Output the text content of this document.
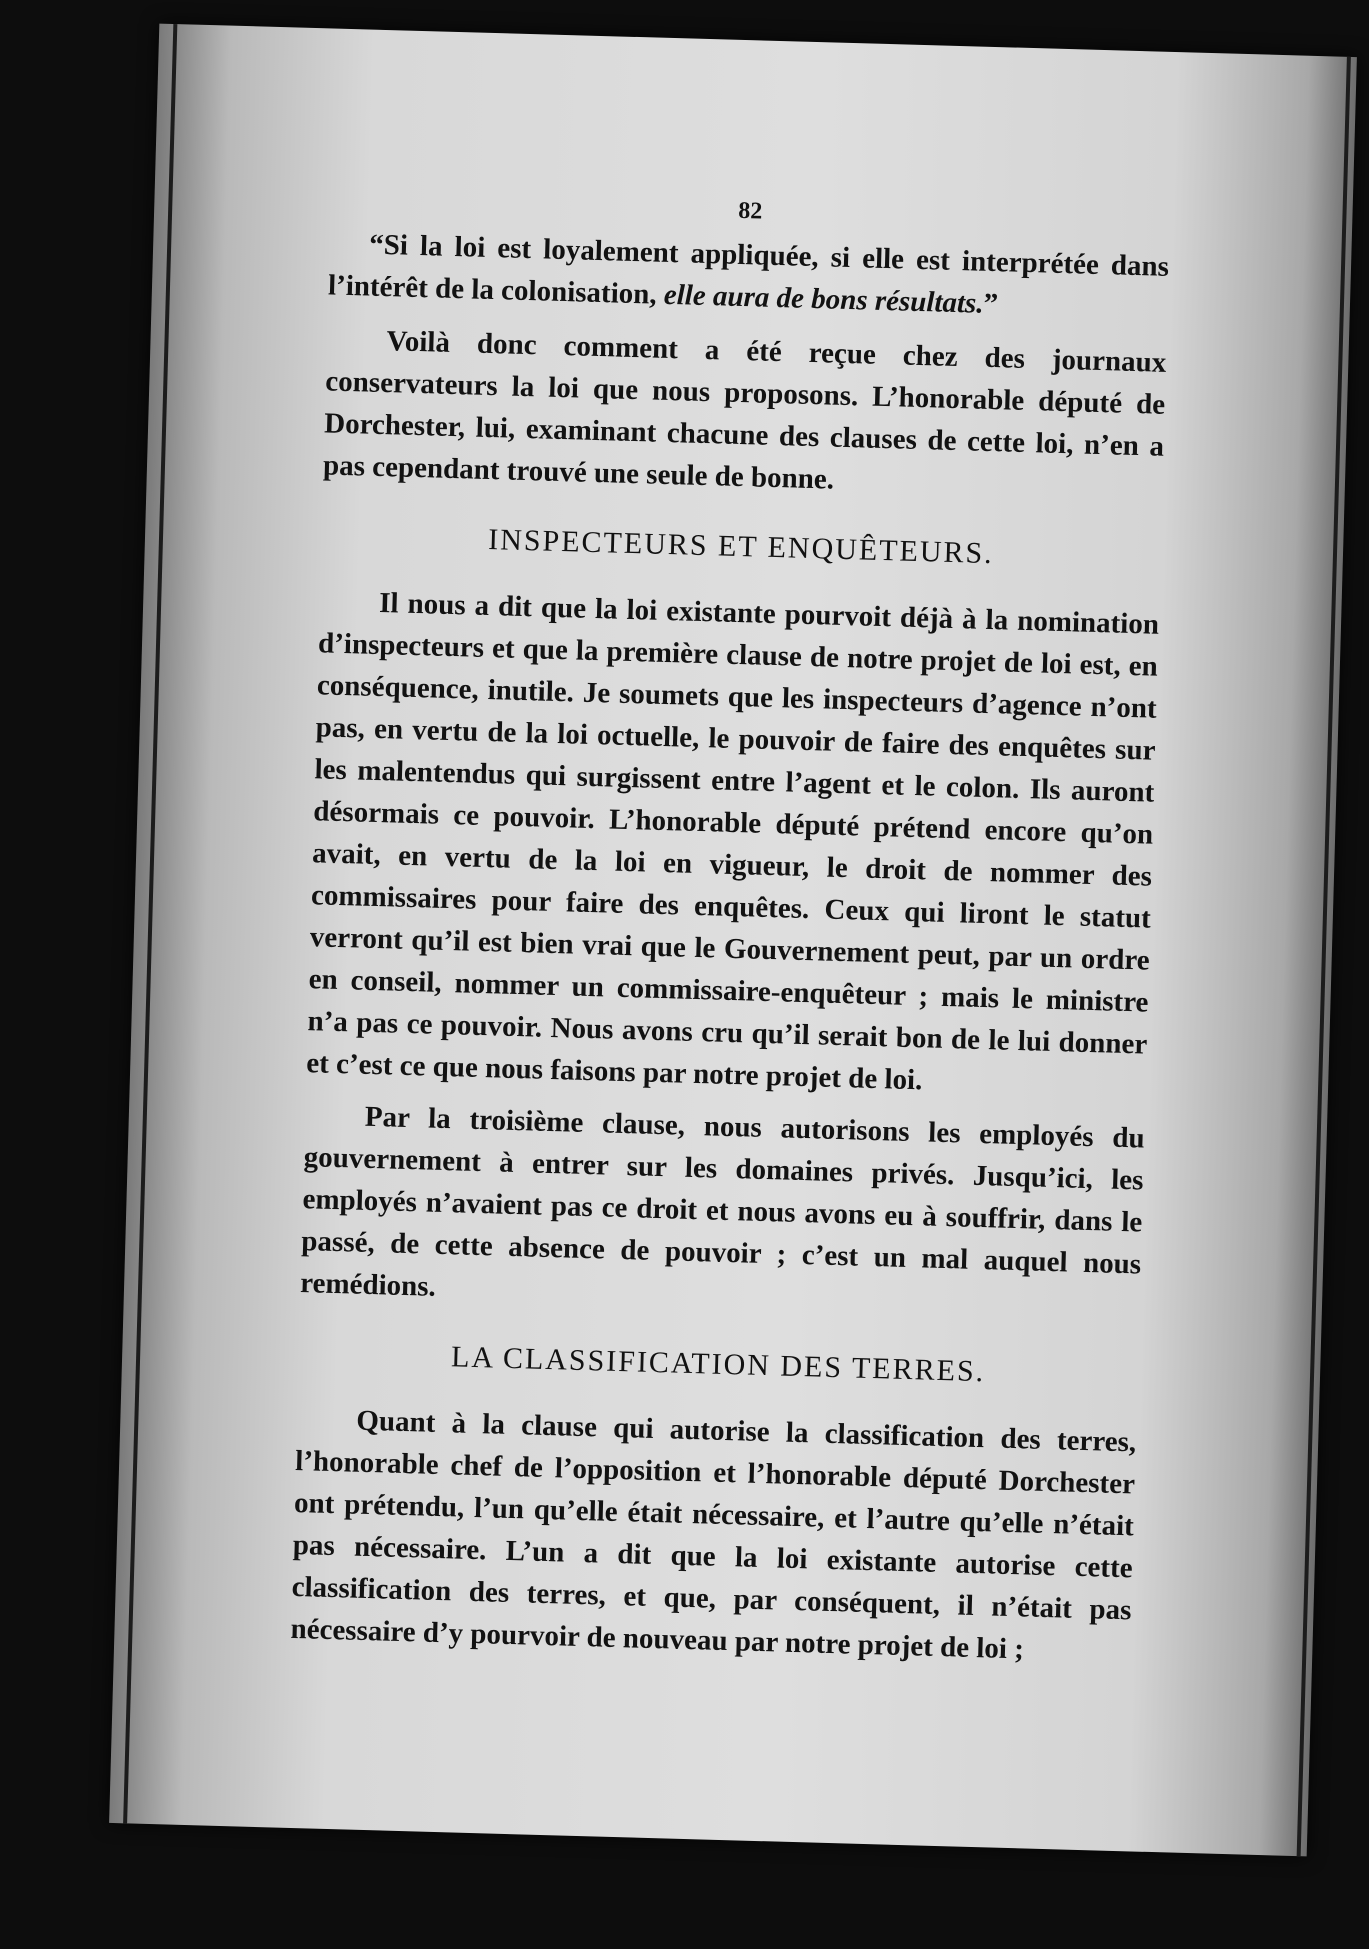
82

“Si la loi est loyalement appliquée, si elle est interprétée dans l’intérêt de la colonisation, elle aura de bons résultats.”

Voilà donc comment a été reçue chez des journaux conservateurs la loi que nous proposons. L’honorable député de Dorchester, lui, examinant chacune des clauses de cette loi, n’en a pas cependant trouvé une seule de bonne.

INSPECTEURS ET ENQUÊTEURS.

Il nous a dit que la loi existante pourvoit déjà à la nomination d’inspecteurs et que la première clause de notre projet de loi est, en conséquence, inutile. Je soumets que les inspecteurs d’agence n’ont pas, en vertu de la loi octuelle, le pouvoir de faire des enquêtes sur les malentendus qui surgissent entre l’agent et le colon. Ils auront désormais ce pouvoir. L’honorable député prétend encore qu’on avait, en vertu de la loi en vigueur, le droit de nommer des commissaires pour faire des enquêtes. Ceux qui liront le statut verront qu’il est bien vrai que le Gouvernement peut, par un ordre en conseil, nommer un commissaire-enquêteur ; mais le ministre n’a pas ce pouvoir. Nous avons cru qu’il serait bon de le lui donner et c’est ce que nous faisons par notre projet de loi.

Par la troisième clause, nous autorisons les employés du gouvernement à entrer sur les domaines privés. Jusqu’ici, les employés n’avaient pas ce droit et nous avons eu à souffrir, dans le passé, de cette absence de pouvoir ; c’est un mal auquel nous remédions.

LA CLASSIFICATION DES TERRES.

Quant à la clause qui autorise la classification des terres, l’honorable chef de l’opposition et l’honorable député Dorchester ont prétendu, l’un qu’elle était nécessaire, et l’autre qu’elle n’était pas nécessaire. L’un a dit que la loi existante autorise cette classification des terres, et que, par conséquent, il n’était pas nécessaire d’y pourvoir de nouveau par notre projet de loi ;
